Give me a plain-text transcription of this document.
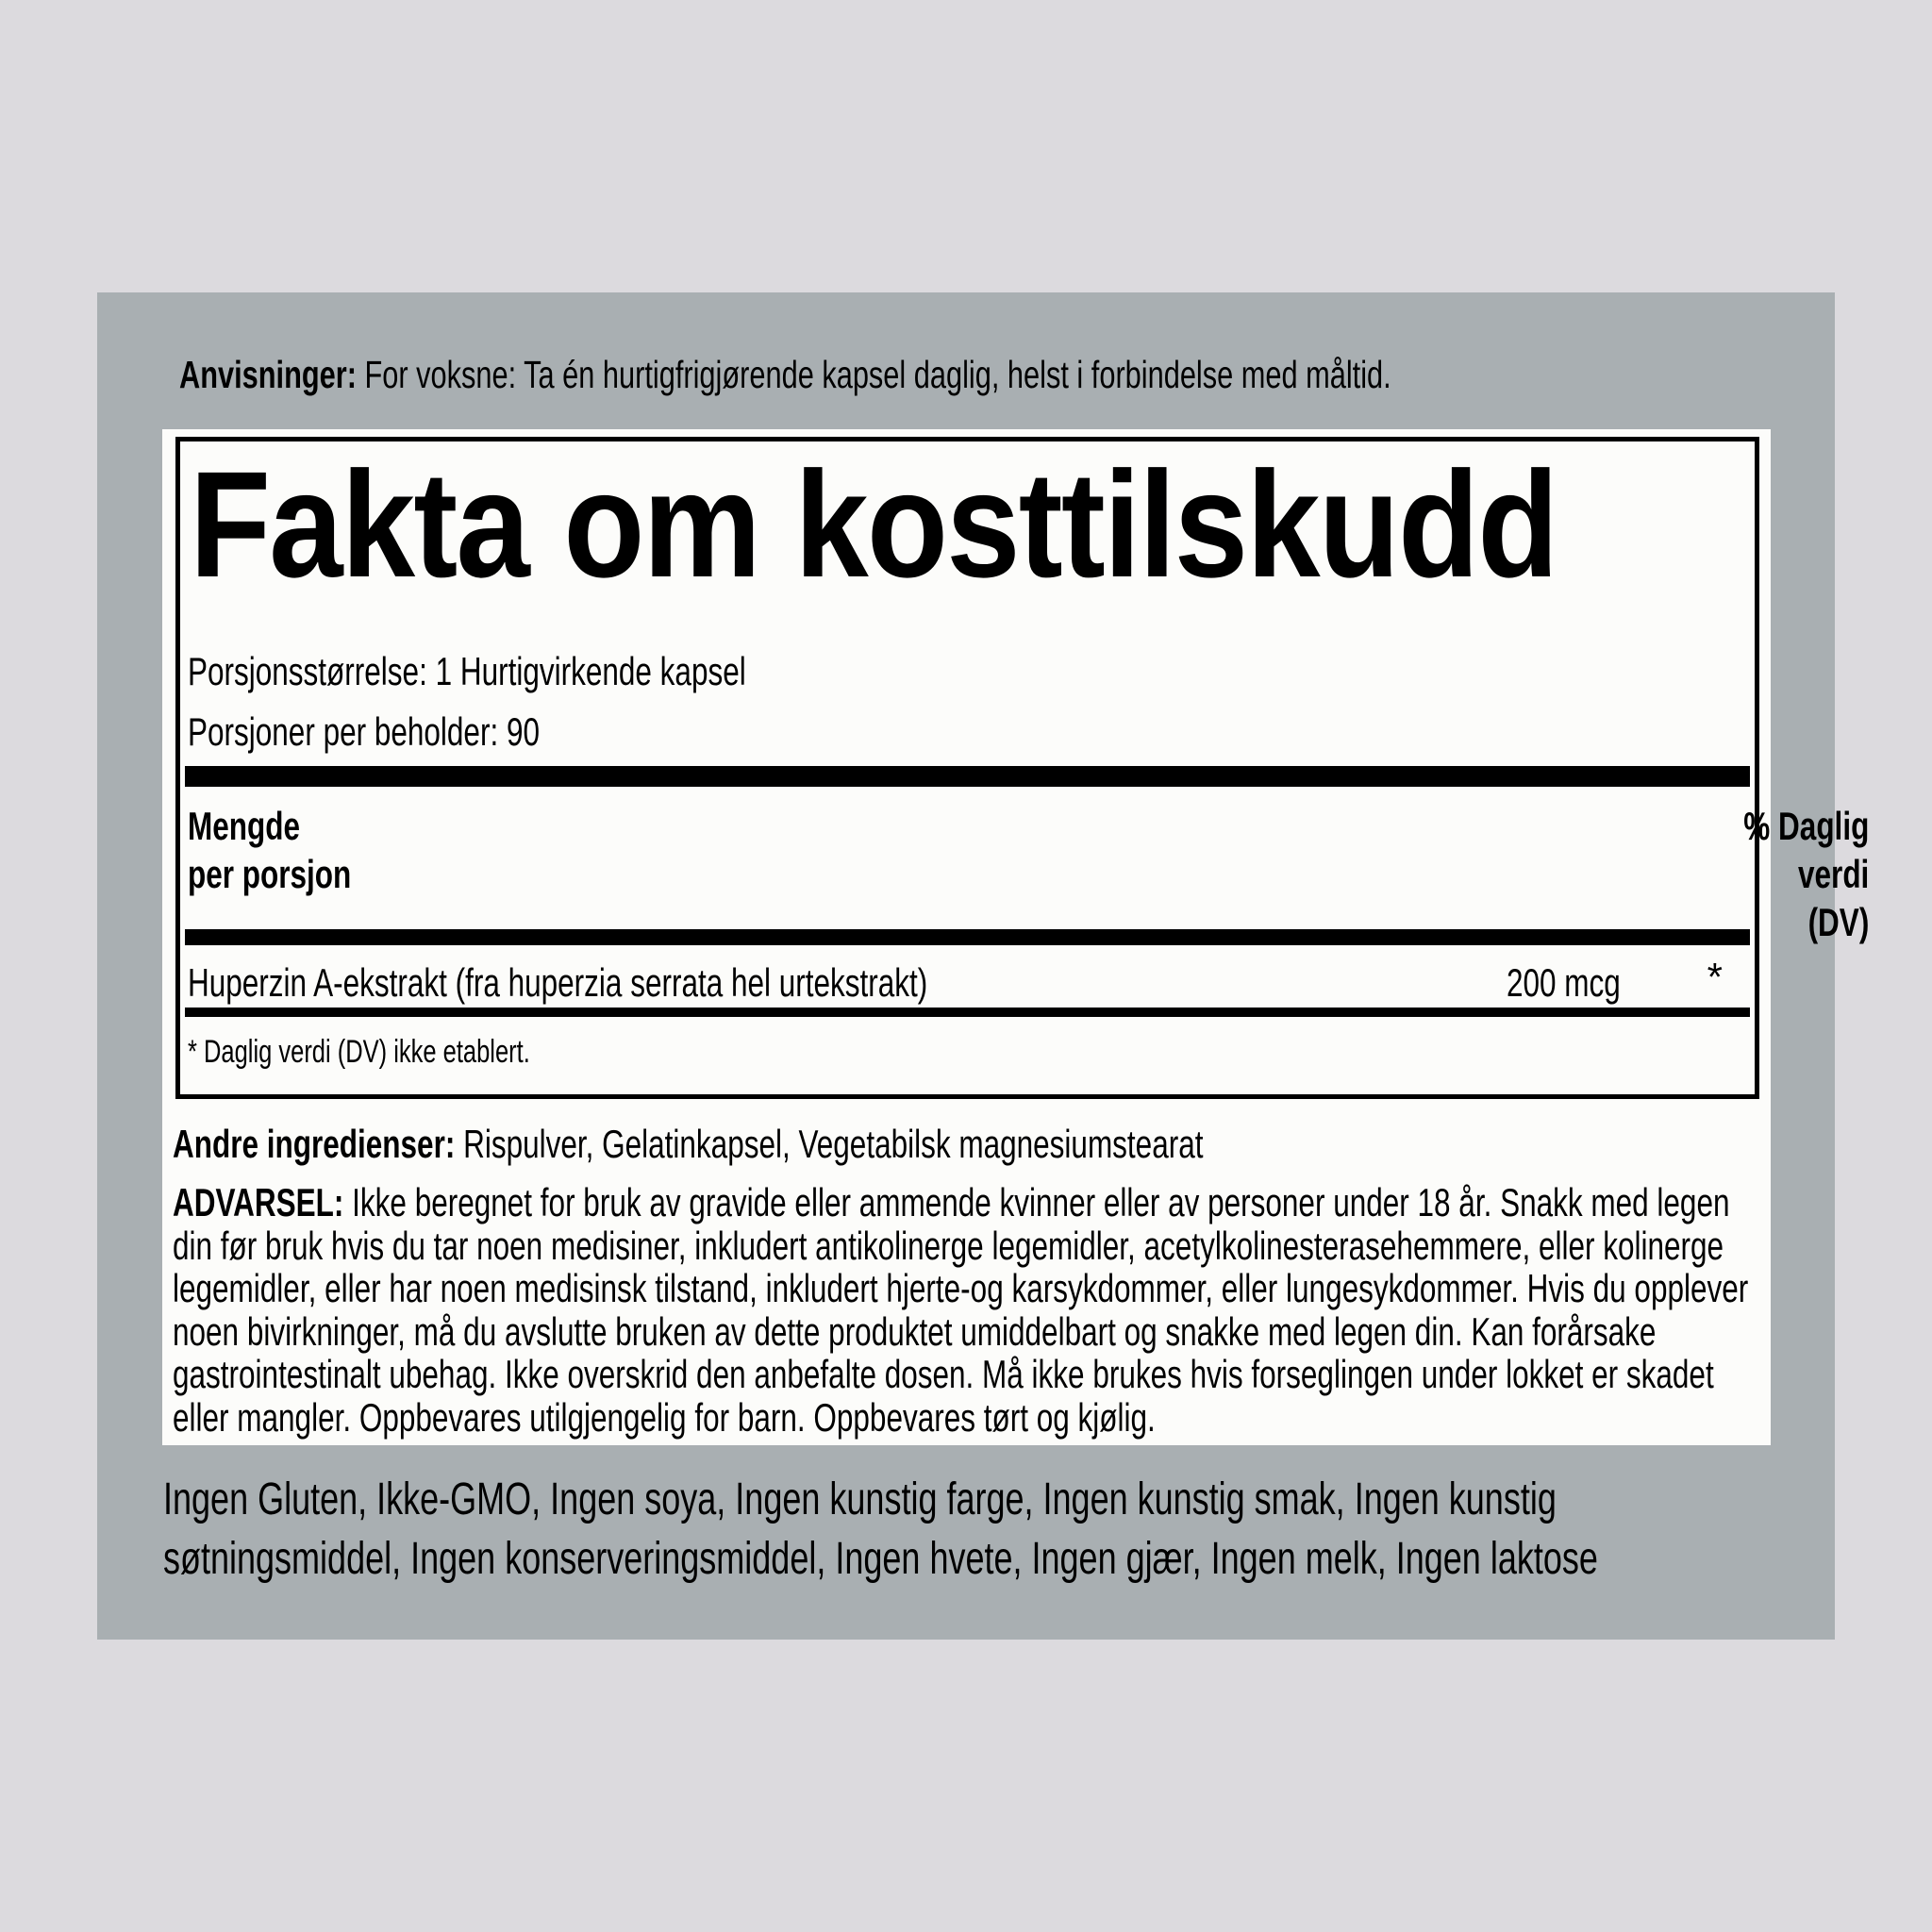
Anvisninger: For voksne: Ta én hurtigfrigjørende kapsel daglig, helst i forbindelse med måltid.
Fakta om kosttilskudd
Porsjonsstørrelse: 1 Hurtigvirkende kapsel
Porsjoner per beholder: 90
Mengde
per porsjon
% Daglig
verdi
(DV)
Huperzin A-ekstrakt (fra huperzia serrata hel urtekstrakt)	200 mcg	*
* Daglig verdi (DV) ikke etablert.
Andre ingredienser: Rispulver, Gelatinkapsel, Vegetabilsk magnesiumstearat
ADVARSEL: Ikke beregnet for bruk av gravide eller ammende kvinner eller av personer under 18 år. Snakk med legen din før bruk hvis du tar noen medisiner, inkludert antikolinerge legemidler, acetylkolinesterasehemmere, eller kolinerge legemidler, eller har noen medisinsk tilstand, inkludert hjerte-og karsykdommer, eller lungesykdommer. Hvis du opplever noen bivirkninger, må du avslutte bruken av dette produktet umiddelbart og snakke med legen din. Kan forårsake gastrointestinalt ubehag. Ikke overskrid den anbefalte dosen. Må ikke brukes hvis forseglingen under lokket er skadet eller mangler. Oppbevares utilgjengelig for barn. Oppbevares tørt og kjølig.
Ingen Gluten, Ikke-GMO, Ingen soya, Ingen kunstig farge, Ingen kunstig smak, Ingen kunstig søtningsmiddel, Ingen konserveringsmiddel, Ingen hvete, Ingen gjær, Ingen melk, Ingen laktose
